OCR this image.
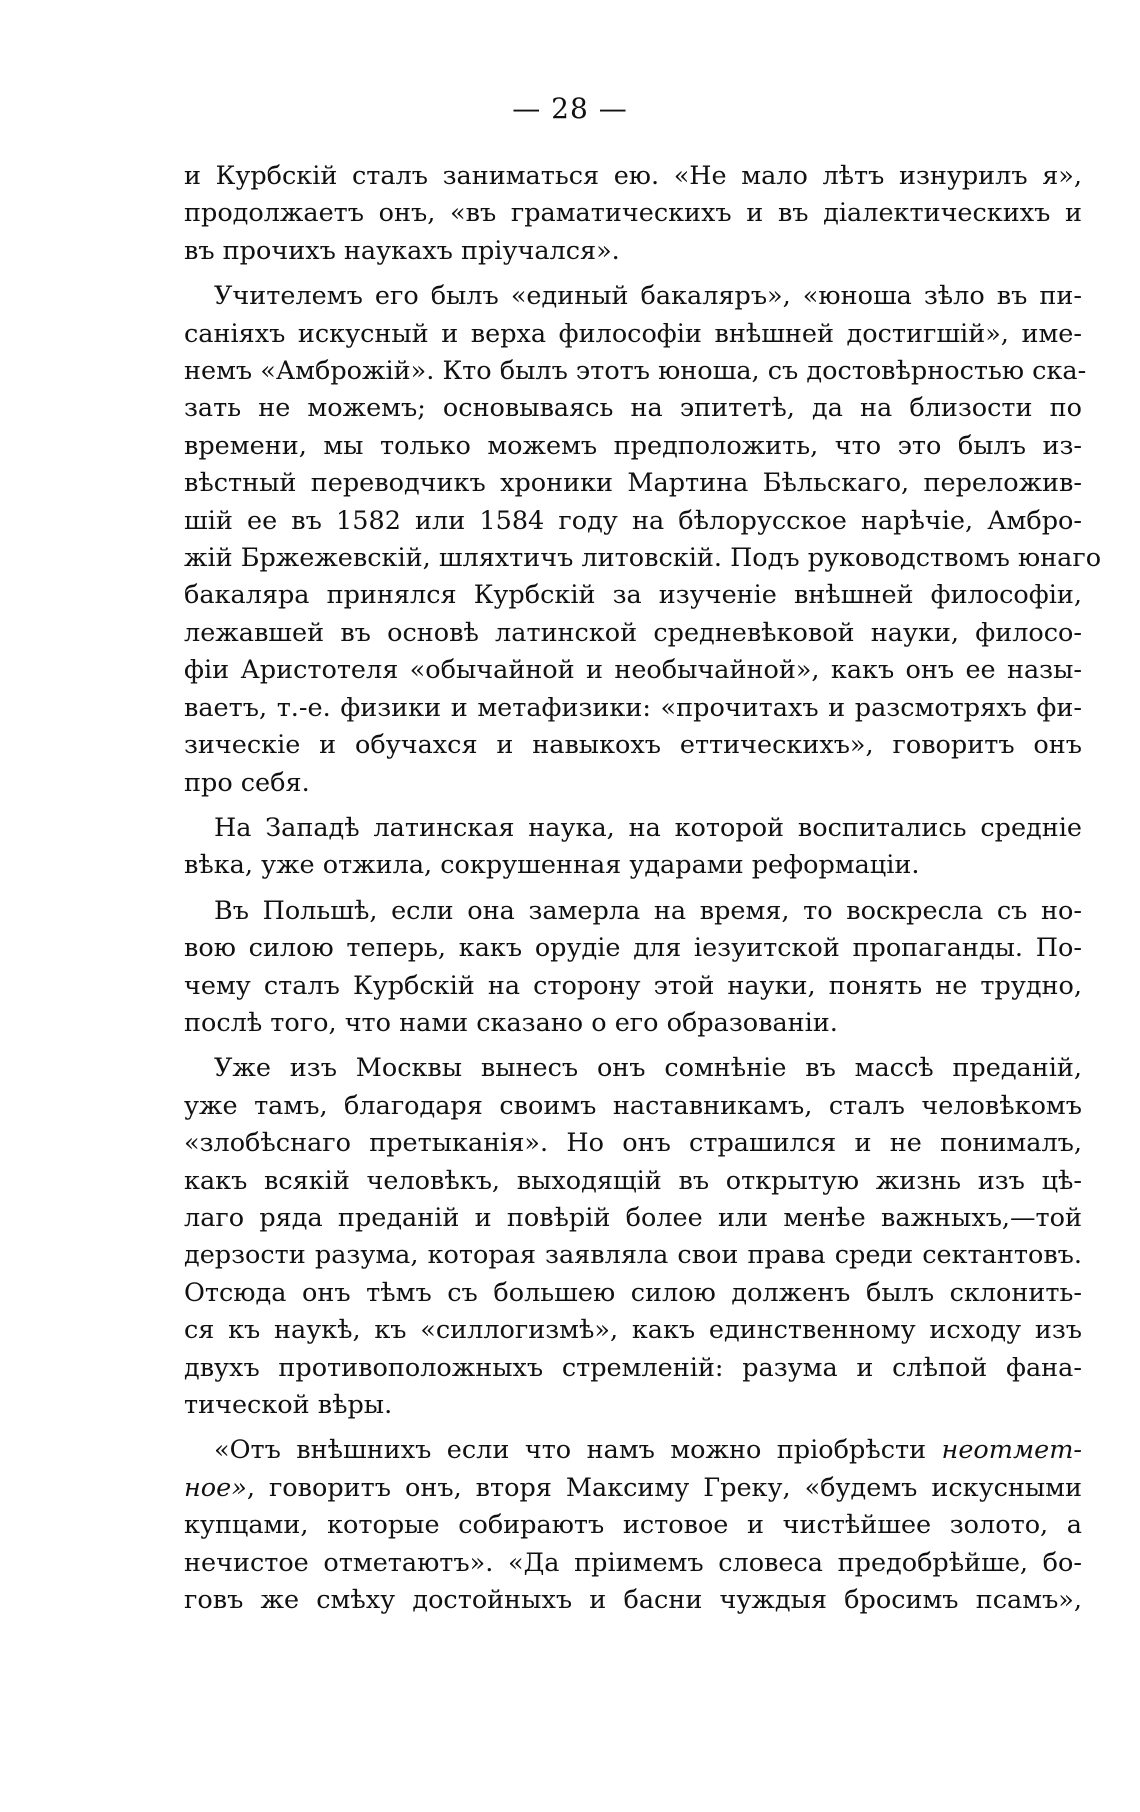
— 28 —
и Курбскій сталъ заниматься ею. «Не мало лѣтъ изнурилъ я»,
продолжаетъ онъ, «въ граматическихъ и въ діалектическихъ и
въ прочихъ наукахъ пріучался».
Учителемъ его былъ «единый бакаляръ», «юноша зѣло въ пи-
саніяхъ искусный и верха философіи внѣшней достигшій», име-
немъ «Амброжій». Кто былъ этотъ юноша, съ достовѣрностью ска-
зать не можемъ; основываясь на эпитетѣ, да на близости по
времени, мы только можемъ предположить, что это былъ из-
вѣстный переводчикъ хроники Мартина Бѣльскаго, переложив-
шій ее въ 1582 или 1584 году на бѣлорусское нарѣчіе, Амбро-
жій Бржежевскій, шляхтичъ литовскій. Подъ руководствомъ юнаго
бакаляра принялся Курбскій за изученіе внѣшней философіи,
лежавшей въ основѣ латинской средневѣковой науки, филосо-
фіи Аристотеля «обычайной и необычайной», какъ онъ ее назы-
ваетъ, т.-е. физики и метафизики: «прочитахъ и разсмотряхъ фи-
зическіе и обучахся и навыкохъ еттическихъ», говоритъ онъ
про себя.
На Западѣ латинская наука, на которой воспитались средніе
вѣка, уже отжила, сокрушенная ударами реформаціи.
Въ Польшѣ, если она замерла на время, то воскресла съ но-
вою силою теперь, какъ орудіе для іезуитской пропаганды. По-
чему сталъ Курбскій на сторону этой науки, понять не трудно,
послѣ того, что нами сказано о его образованіи.
Уже изъ Москвы вынесъ онъ сомнѣніе въ массѣ преданій,
уже тамъ, благодаря своимъ наставникамъ, сталъ человѣкомъ
«злобѣснаго претыканія». Но онъ страшился и не понималъ,
какъ всякій человѣкъ, выходящій въ открытую жизнь изъ цѣ-
лаго ряда преданій и повѣрій более или менѣе важныхъ,—той
дерзости разума, которая заявляла свои права среди сектантовъ.
Отсюда онъ тѣмъ съ большею силою долженъ былъ склонить-
ся къ наукѣ, къ «силлогизмѣ», какъ единственному исходу изъ
двухъ противоположныхъ стремленій: разума и слѣпой фана-
тической вѣры.
«Отъ внѣшнихъ если что намъ можно пріобрѣсти неотмет-
ное», говоритъ онъ, вторя Максиму Греку, «будемъ искусными
купцами, которые собираютъ истовое и чистѣйшее золото, а
нечистое отметаютъ». «Да пріимемъ словеса предобрѣйше, бо-
говъ же смѣху достойныхъ и басни чуждыя бросимъ псамъ»,
